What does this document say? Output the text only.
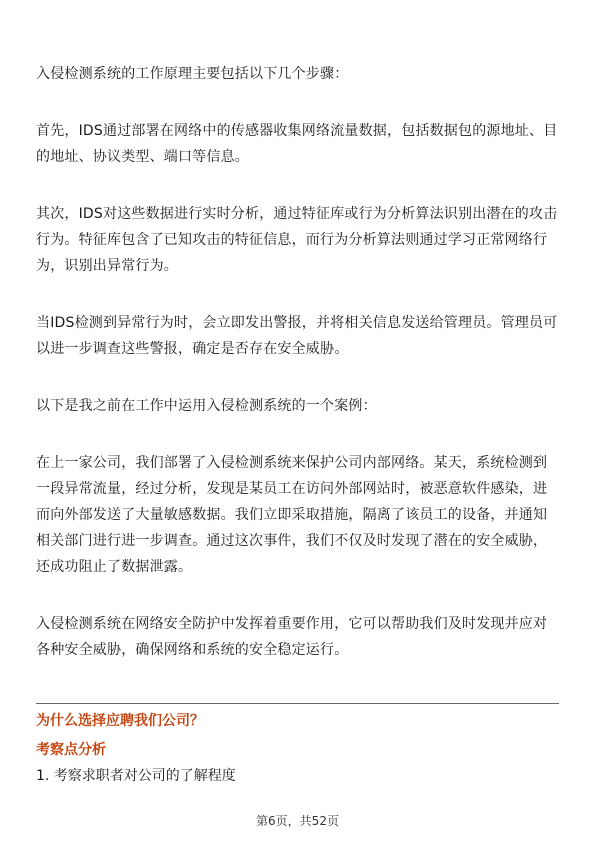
入侵检测系统的工作原理主要包括以下几个步骤：

首先，IDS通过部署在网络中的传感器收集网络流量数据，包括数据包的源地址、目的地址、协议类型、端口等信息。

其次，IDS对这些数据进行实时分析，通过特征库或行为分析算法识别出潜在的攻击行为。特征库包含了已知攻击的特征信息，而行为分析算法则通过学习正常网络行为，识别出异常行为。

当IDS检测到异常行为时，会立即发出警报，并将相关信息发送给管理员。管理员可以进一步调查这些警报，确定是否存在安全威胁。

以下是我之前在工作中运用入侵检测系统的一个案例：

在上一家公司，我们部署了入侵检测系统来保护公司内部网络。某天，系统检测到一段异常流量，经过分析，发现是某员工在访问外部网站时，被恶意软件感染，进而向外部发送了大量敏感数据。我们立即采取措施，隔离了该员工的设备，并通知相关部门进行进一步调查。通过这次事件，我们不仅及时发现了潜在的安全威胁，还成功阻止了数据泄露。

入侵检测系统在网络安全防护中发挥着重要作用，它可以帮助我们及时发现并应对各种安全威胁，确保网络和系统的安全稳定运行。

为什么选择应聘我们公司？
考察点分析
1. 考察求职者对公司的了解程度
第6页，共52页
